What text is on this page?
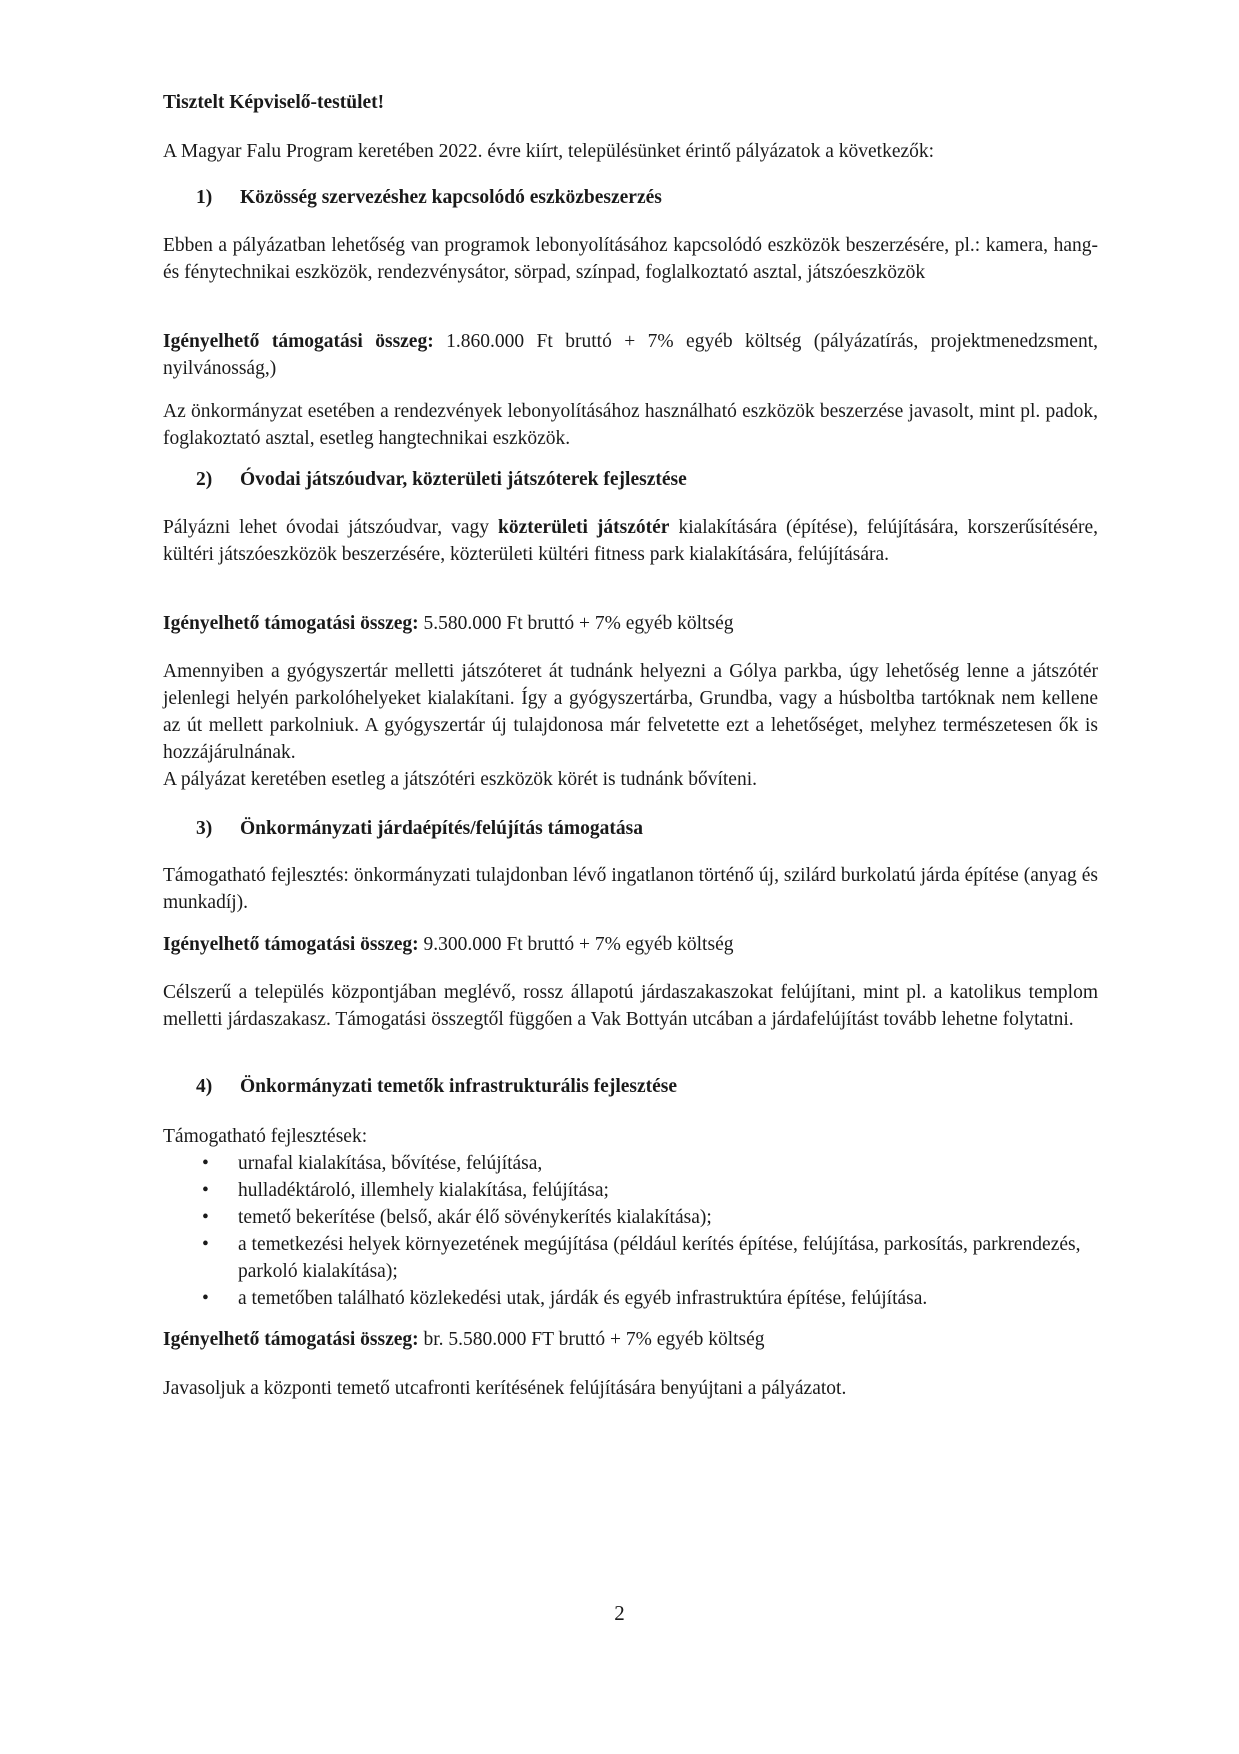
Tisztelt Képviselő-testület!

A Magyar Falu Program keretében 2022. évre kiírt, településünket érintő pályázatok a következők:

1) Közösség szervezéshez kapcsolódó eszközbeszerzés

Ebben a pályázatban lehetőség van programok lebonyolításához kapcsolódó eszközök beszerzésére, pl.: kamera, hang- és fénytechnikai eszközök, rendezvénysátor, sörpad, színpad, foglalkoztató asztal, játszóeszközök

Igényelhető támogatási összeg: 1.860.000 Ft bruttó + 7% egyéb költség (pályázatírás, projektmenedzsment, nyilvánosság,)

Az önkormányzat esetében a rendezvények lebonyolításához használható eszközök beszerzése javasolt, mint pl. padok, foglakoztató asztal, esetleg hangtechnikai eszközök.

2) Óvodai játszóudvar, közterületi játszóterek fejlesztése

Pályázni lehet óvodai játszóudvar, vagy közterületi játszótér kialakítására (építése), felújítására, korszerűsítésére, kültéri játszóeszközök beszerzésére, közterületi kültéri fitness park kialakítására, felújítására.

Igényelhető támogatási összeg: 5.580.000 Ft bruttó + 7% egyéb költség

Amennyiben a gyógyszertár melletti játszóteret át tudnánk helyezni a Gólya parkba, úgy lehetőség lenne a játszótér jelenlegi helyén parkolóhelyeket kialakítani. Így a gyógyszertárba, Grundba, vagy a húsboltba tartóknak nem kellene az út mellett parkolniuk. A gyógyszertár új tulajdonosa már felvetette ezt a lehetőséget, melyhez természetesen ők is hozzájárulnának.

A pályázat keretében esetleg a játszótéri eszközök körét is tudnánk bővíteni.

3) Önkormányzati járdaépítés/felújítás támogatása

Támogatható fejlesztés: önkormányzati tulajdonban lévő ingatlanon történő új, szilárd burkolatú járda építése (anyag és munkadíj).

Igényelhető támogatási összeg: 9.300.000 Ft bruttó + 7% egyéb költség

Célszerű a település központjában meglévő, rossz állapotú járdaszakaszokat felújítani, mint pl. a katolikus templom melletti járdaszakasz. Támogatási összegtől függően a Vak Bottyán utcában a járdafelújítást tovább lehetne folytatni.

4) Önkormányzati temetők infrastrukturális fejlesztése

Támogatható fejlesztések:

• urnafal kialakítása, bővítése, felújítása,
• hulladéktároló, illemhely kialakítása, felújítása;
• temető bekerítése (belső, akár élő sövénykerítés kialakítása);
• a temetkezési helyek környezetének megújítása (például kerítés építése, felújítása, parkosítás, parkrendezés, parkoló kialakítása);
• a temetőben található közlekedési utak, járdák és egyéb infrastruktúra építése, felújítása.

Igényelhető támogatási összeg: br. 5.580.000 FT bruttó + 7% egyéb költség

Javasoljuk a központi temető utcafronti kerítésének felújítására benyújtani a pályázatot.

2
